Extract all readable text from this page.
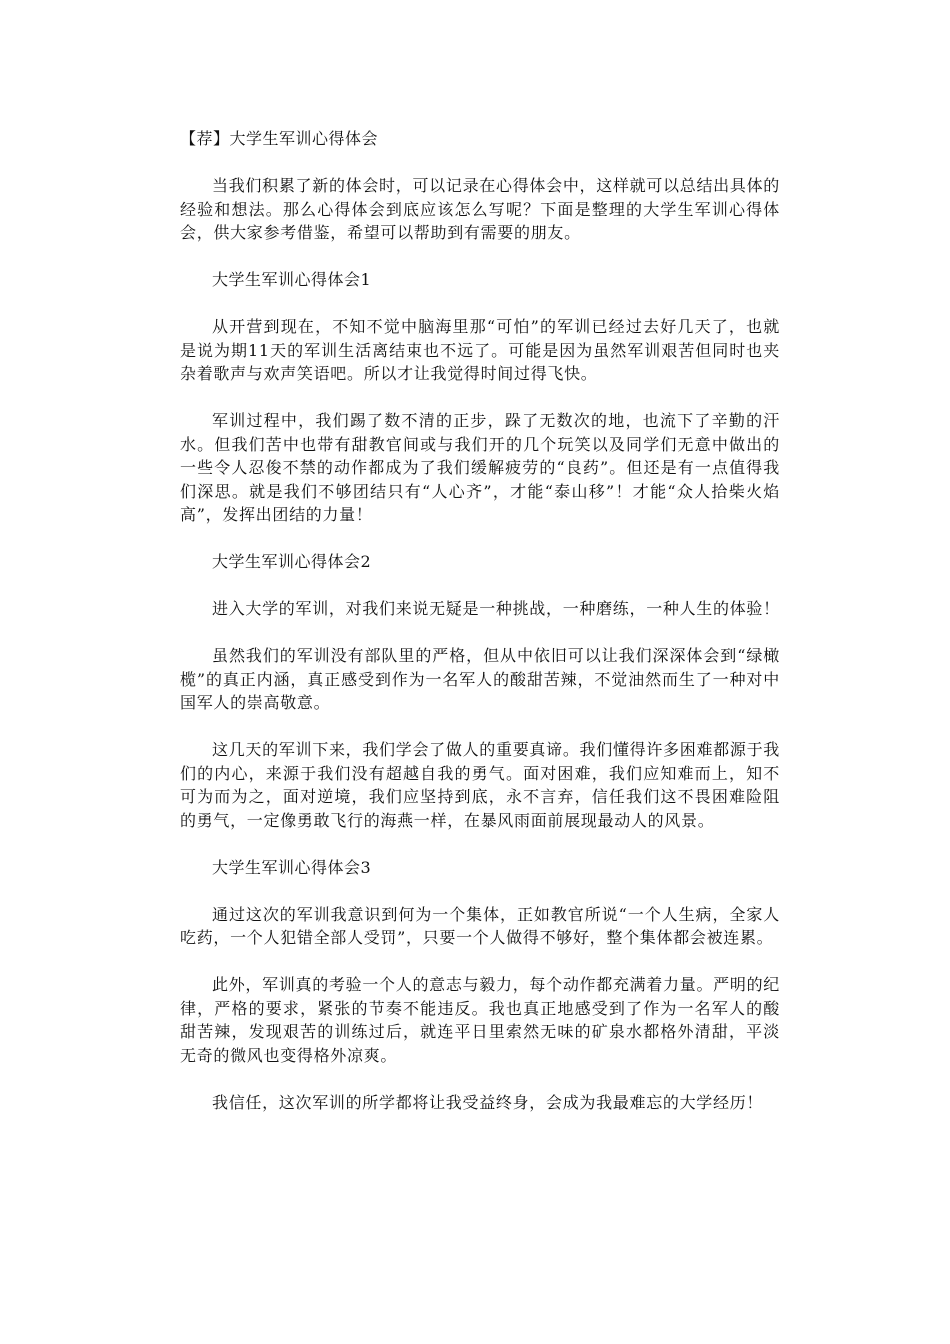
【荐】大学生军训心得体会

当我们积累了新的体会时，可以记录在心得体会中，这样就可以总结出具体的经验和想法。那么心得体会到底应该怎么写呢？下面是整理的大学生军训心得体会，供大家参考借鉴，希望可以帮助到有需要的朋友。

大学生军训心得体会1

从开营到现在，不知不觉中脑海里那“可怕”的军训已经过去好几天了，也就是说为期11天的军训生活离结束也不远了。可能是因为虽然军训艰苦但同时也夹杂着歌声与欢声笑语吧。所以才让我觉得时间过得飞快。

军训过程中，我们踢了数不清的正步，跺了无数次的地，也流下了辛勤的汗水。但我们苦中也带有甜教官间或与我们开的几个玩笑以及同学们无意中做出的一些令人忍俊不禁的动作都成为了我们缓解疲劳的“良药”。但还是有一点值得我们深思。就是我们不够团结只有“人心齐”，才能“泰山移”！才能“众人拾柴火焰高”，发挥出团结的力量！

大学生军训心得体会2

进入大学的军训，对我们来说无疑是一种挑战，一种磨练，一种人生的体验！

虽然我们的军训没有部队里的严格，但从中依旧可以让我们深深体会到“绿橄榄”的真正内涵，真正感受到作为一名军人的酸甜苦辣，不觉油然而生了一种对中国军人的崇高敬意。

这几天的军训下来，我们学会了做人的重要真谛。我们懂得许多困难都源于我们的内心，来源于我们没有超越自我的勇气。面对困难，我们应知难而上，知不可为而为之，面对逆境，我们应坚持到底，永不言弃，信任我们这不畏困难险阻的勇气，一定像勇敢飞行的海燕一样，在暴风雨面前展现最动人的风景。

大学生军训心得体会3

通过这次的军训我意识到何为一个集体，正如教官所说“一个人生病，全家人吃药，一个人犯错全部人受罚”，只要一个人做得不够好，整个集体都会被连累。

此外，军训真的考验一个人的意志与毅力，每个动作都充满着力量。严明的纪律，严格的要求，紧张的节奏不能违反。我也真正地感受到了作为一名军人的酸甜苦辣，发现艰苦的训练过后，就连平日里索然无味的矿泉水都格外清甜，平淡无奇的微风也变得格外凉爽。

我信任，这次军训的所学都将让我受益终身，会成为我最难忘的大学经历！
